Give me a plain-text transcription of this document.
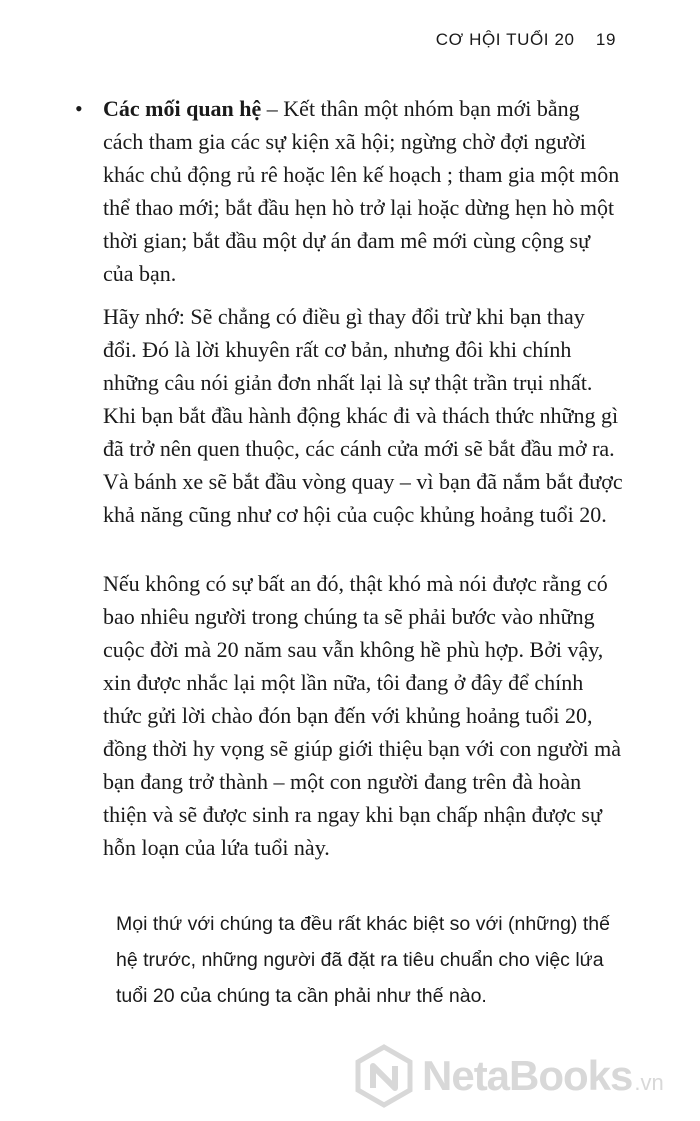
CƠ HỘI TUỔI 20 19
• Các mối quan hệ – Kết thân một nhóm bạn mới bằng cách tham gia các sự kiện xã hội; ngừng chờ đợi người khác chủ động rủ rê hoặc lên kế hoạch ; tham gia một môn thể thao mới; bắt đầu hẹn hò trở lại hoặc dừng hẹn hò một thời gian; bắt đầu một dự án đam mê mới cùng cộng sự của bạn.

Hãy nhớ: Sẽ chẳng có điều gì thay đổi trừ khi bạn thay đổi. Đó là lời khuyên rất cơ bản, nhưng đôi khi chính những câu nói giản đơn nhất lại là sự thật trần trụi nhất. Khi bạn bắt đầu hành động khác đi và thách thức những gì đã trở nên quen thuộc, các cánh cửa mới sẽ bắt đầu mở ra. Và bánh xe sẽ bắt đầu vòng quay – vì bạn đã nắm bắt được khả năng cũng như cơ hội của cuộc khủng hoảng tuổi 20.

Nếu không có sự bất an đó, thật khó mà nói được rằng có bao nhiêu người trong chúng ta sẽ phải bước vào những cuộc đời mà 20 năm sau vẫn không hề phù hợp. Bởi vậy, xin được nhắc lại một lần nữa, tôi đang ở đây để chính thức gửi lời chào đón bạn đến với khủng hoảng tuổi 20, đồng thời hy vọng sẽ giúp giới thiệu bạn với con người mà bạn đang trở thành – một con người đang trên đà hoàn thiện và sẽ được sinh ra ngay khi bạn chấp nhận được sự hỗn loạn của lứa tuổi này.

Mọi thứ với chúng ta đều rất khác biệt so với (những) thế hệ trước, những người đã đặt ra tiêu chuẩn cho việc lứa tuổi 20 của chúng ta cần phải như thế nào.
NetaBooks .vn
